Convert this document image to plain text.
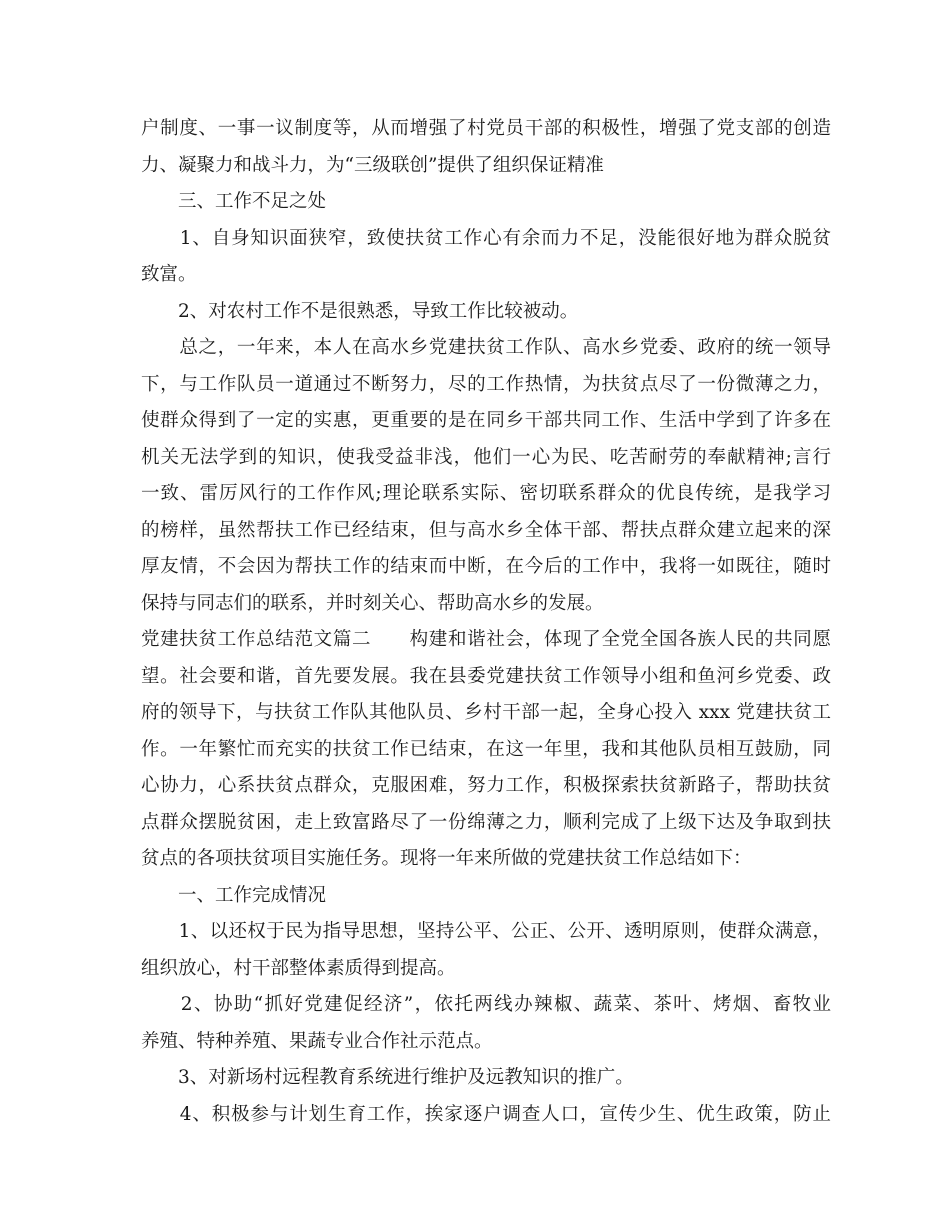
户制度、一事一议制度等，从而增强了村党员干部的积极性，增强了党支部的创造
力、凝聚力和战斗力，为“三级联创”提供了组织保证精准
　　三、工作不足之处
　　1、自身知识面狭窄，致使扶贫工作心有余而力不足，没能很好地为群众脱贫
致富。
　　2、对农村工作不是很熟悉，导致工作比较被动。
　　总之，一年来，本人在高水乡党建扶贫工作队、高水乡党委、政府的统一领导
下，与工作队员一道通过不断努力，尽的工作热情，为扶贫点尽了一份微薄之力，
使群众得到了一定的实惠，更重要的是在同乡干部共同工作、生活中学到了许多在
机关无法学到的知识，使我受益非浅，他们一心为民、吃苦耐劳的奉献精神;言行
一致、雷厉风行的工作作风;理论联系实际、密切联系群众的优良传统，是我学习
的榜样，虽然帮扶工作已经结束，但与高水乡全体干部、帮扶点群众建立起来的深
厚友情，不会因为帮扶工作的结束而中断，在今后的工作中，我将一如既往，随时
保持与同志们的联系，并时刻关心、帮助高水乡的发展。
党建扶贫工作总结范文篇二　　构建和谐社会，体现了全党全国各族人民的共同愿
望。社会要和谐，首先要发展。我在县委党建扶贫工作领导小组和鱼河乡党委、政
府的领导下，与扶贫工作队其他队员、乡村干部一起，全身心投入 xxx 党建扶贫工
作。一年繁忙而充实的扶贫工作已结束，在这一年里，我和其他队员相互鼓励，同
心协力，心系扶贫点群众，克服困难，努力工作，积极探索扶贫新路子，帮助扶贫
点群众摆脱贫困，走上致富路尽了一份绵薄之力，顺利完成了上级下达及争取到扶
贫点的各项扶贫项目实施任务。现将一年来所做的党建扶贫工作总结如下：
　　一、工作完成情况
　　1、以还权于民为指导思想，坚持公平、公正、公开、透明原则，使群众满意，
组织放心，村干部整体素质得到提高。
　　2、协助“抓好党建促经济”，依托两线办辣椒、蔬菜、茶叶、烤烟、畜牧业
养殖、特种养殖、果蔬专业合作社示范点。
　　3、对新场村远程教育系统进行维护及远教知识的推广。
　　4、积极参与计划生育工作，挨家逐户调查人口，宣传少生、优生政策，防止
